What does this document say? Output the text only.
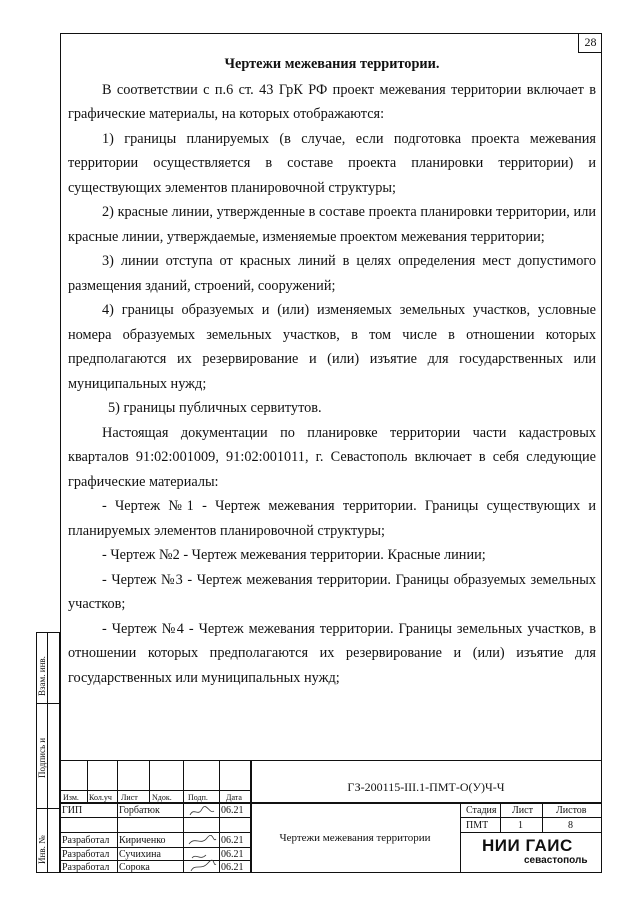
28
Чертежи межевания территории.

В соответствии с п.6 ст. 43 ГрК РФ проект межевания территории включает в графические материалы, на которых отображаются:

1) границы планируемых (в случае, если подготовка проекта межевания территории осуществляется в составе проекта планировки территории) и существующих элементов планировочной структуры;

2) красные линии, утвержденные в составе проекта планировки территории, или красные линии, утверждаемые, изменяемые проектом межевания территории;

3) линии отступа от красных линий в целях определения мест допустимого размещения зданий, строений, сооружений;

4) границы образуемых и (или) изменяемых земельных участков, условные номера образуемых земельных участков, в том числе в отношении которых предполагаются их резервирование и (или) изъятие для государственных или муниципальных нужд;

5) границы публичных сервитутов.

Настоящая документации по планировке территории части кадастровых кварталов 91:02:001009, 91:02:001011, г. Севастополь включает в себя следующие графические материалы:

- Чертеж №1 - Чертеж межевания территории. Границы существующих и планируемых элементов планировочной структуры;

- Чертеж №2 - Чертеж межевания территории. Красные линии;

- Чертеж №3 - Чертеж межевания территории. Границы образуемых земельных участков;

- Чертеж №4 - Чертеж межевания территории. Границы земельных участков, в отношении которых предполагаются их резервирование и (или) изъятие для государственных или муниципальных нужд;

Взам. инв.
Подпись и
Инв. №
Изм. Кол.уч Лист Nдок. Подп. Дата
ГИП	Горбатюк	06.21
Разработал Кириченко	06.21
Разработал Сучихина	06.21
Разработал Сорока	06.21
ГЗ-200115-III.1-ПМТ-О(У)Ч-Ч
Чертежи межевания территории
Стадия Лист Листов
ПМТ	1	8
НИИ ГАИС
севастополь
